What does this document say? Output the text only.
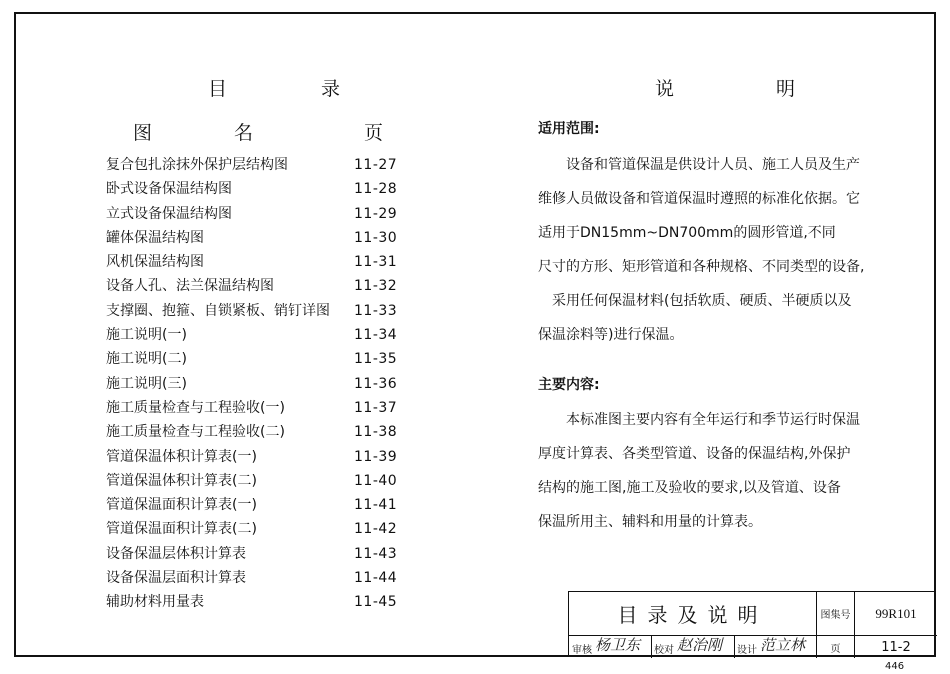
目 录
图 名	页
复合包扎涂抹外保护层结构图	11-27
卧式设备保温结构图	11-28
立式设备保温结构图	11-29
罐体保温结构图	11-30
风机保温结构图	11-31
设备人孔、法兰保温结构图	11-32
支撑圈、抱箍、自锁紧板、销钉详图 11-33
施工说明(一)	11-34
施工说明(二)	11-35
施工说明(三)	11-36
施工质量检查与工程验收(一)	11-37
施工质量检查与工程验收(二)	11-38
管道保温体积计算表(一)	11-39
管道保温体积计算表(二)	11-40
管道保温面积计算表(一)	11-41
管道保温面积计算表(二)	11-42
设备保温层体积计算表	11-43
设备保温层面积计算表	11-44
辅助材料用量表	11-45
说 明
适用范围:
设备和管道保温是供设计人员、施工人员及生产
维修人员做设备和管道保温时遵照的标准化依据。它
适用于DN15mm~DN700mm的圆形管道,不同
尺寸的方形、矩形管道和各种规格、不同类型的设备,
采用任何保温材料(包括软质、硬质、半硬质以及
保温涂料等)进行保温。
主要内容:
本标准图主要内容有全年运行和季节运行时保温
厚度计算表、各类型管道、设备的保温结构,外保护
结构的施工图,施工及验收的要求,以及管道、设备
保温所用主、辅料和用量的计算表。
目录及说明	图集号	99R101
审核 杨卫东 校对 赵治刚 设计 范立林	页	11-2
446
